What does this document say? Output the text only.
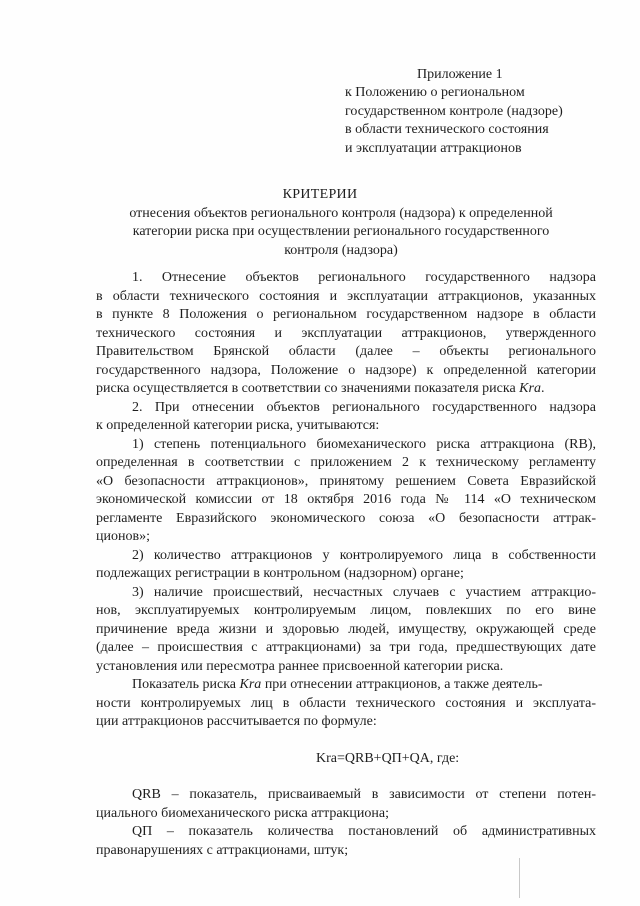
Приложение 1
к Положению о региональном
государственном контроле (надзоре)
в области технического состояния
и эксплуатации аттракционов
КРИТЕРИИ
отнесения объектов регионального контроля (надзора) к определенной
категории риска при осуществлении регионального государственного
контроля (надзора)
1. Отнесение объектов регионального государственного надзора
в области технического состояния и эксплуатации аттракционов, указанных
в пункте 8 Положения о региональном государственном надзоре в области
технического состояния и эксплуатации аттракционов, утвержденного
Правительством Брянской области (далее – объекты регионального
государственного надзора, Положение о надзоре) к определенной категории
риска осуществляется в соответствии со значениями показателя риска Kra.
2. При отнесении объектов регионального государственного надзора
к определенной категории риска, учитываются:
1) степень потенциального биомеханического риска аттракциона (RB),
определенная в соответствии с приложением 2 к техническому регламенту
«О безопасности аттракционов», принятому решением Совета Евразийской
экономической комиссии от 18 октября 2016 года № 114 «О техническом
регламенте Евразийского экономического союза «О безопасности аттрак-
ционов»;
2) количество аттракционов у контролируемого лица в собственности
подлежащих регистрации в контрольном (надзорном) органе;
3) наличие происшествий, несчастных случаев с участием аттракцио-
нов, эксплуатируемых контролируемым лицом, повлекших по его вине
причинение вреда жизни и здоровью людей, имуществу, окружающей среде
(далее – происшествия с аттракционами) за три года, предшествующих дате
установления или пересмотра раннее присвоенной категории риска.
Показатель риска Kra при отнесении аттракционов, а также деятель-
ности контролируемых лиц в области технического состояния и эксплуата-
ции аттракционов рассчитывается по формуле:
Kra=QRB+QП+QA, где:
QRB – показатель, присваиваемый в зависимости от степени потен-
циального биомеханического риска аттракциона;
QП – показатель количества постановлений об административных
правонарушениях с аттракционами, штук;
